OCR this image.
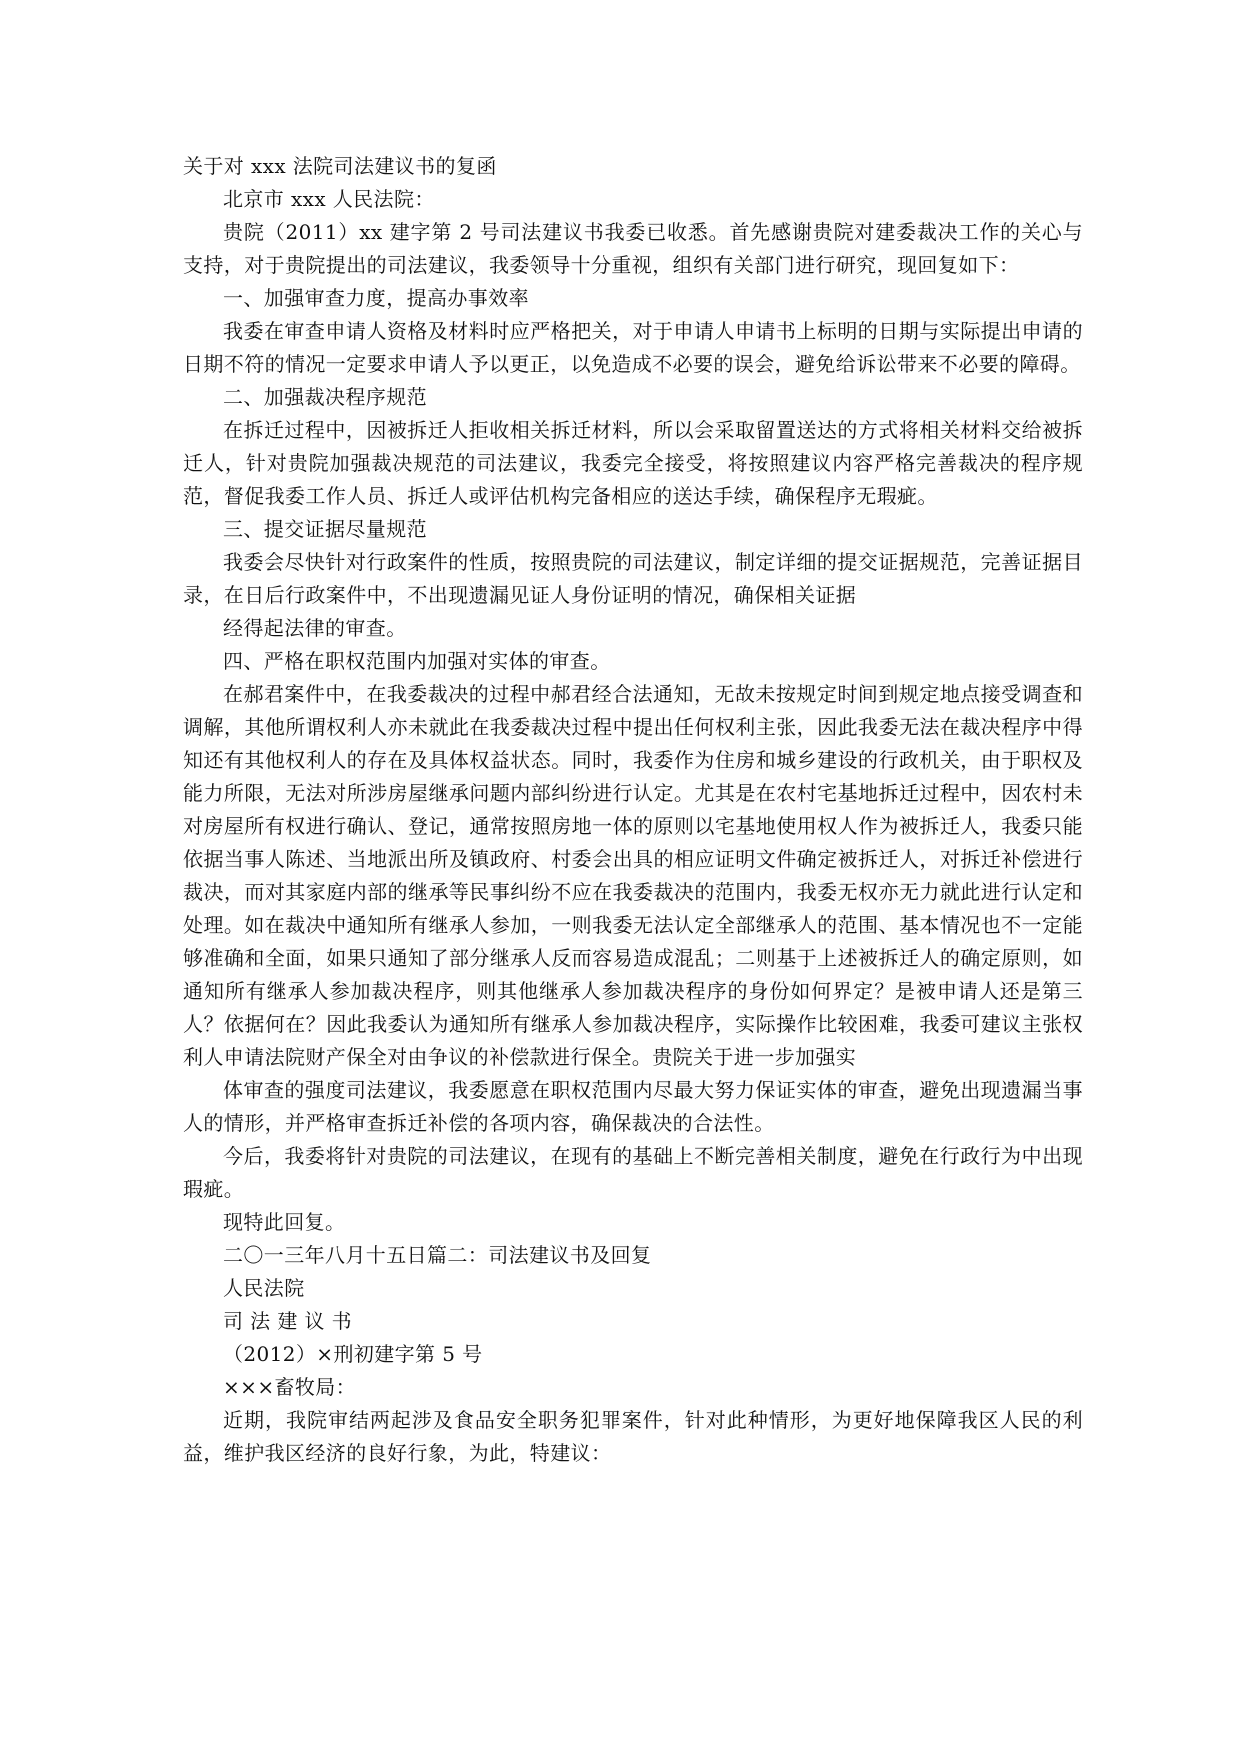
关于对 xxx 法院司法建议书的复函

北京市 xxx 人民法院：

贵院（2011）xx 建字第 2 号司法建议书我委已收悉。首先感谢贵院对建委裁决工作的关心与支持，对于贵院提出的司法建议，我委领导十分重视，组织有关部门进行研究，现回复如下：

一、加强审查力度，提高办事效率

我委在审查申请人资格及材料时应严格把关，对于申请人申请书上标明的日期与实际提出申请的日期不符的情况一定要求申请人予以更正，以免造成不必要的误会，避免给诉讼带来不必要的障碍。

二、加强裁决程序规范

在拆迁过程中，因被拆迁人拒收相关拆迁材料，所以会采取留置送达的方式将相关材料交给被拆迁人，针对贵院加强裁决规范的司法建议，我委完全接受，将按照建议内容严格完善裁决的程序规范，督促我委工作人员、拆迁人或评估机构完备相应的送达手续，确保程序无瑕疵。

三、提交证据尽量规范

我委会尽快针对行政案件的性质，按照贵院的司法建议，制定详细的提交证据规范，完善证据目录，在日后行政案件中，不出现遗漏见证人身份证明的情况，确保相关证据

经得起法律的审查。

四、严格在职权范围内加强对实体的审查。

在郝君案件中，在我委裁决的过程中郝君经合法通知，无故未按规定时间到规定地点接受调查和调解，其他所谓权利人亦未就此在我委裁决过程中提出任何权利主张，因此我委无法在裁决程序中得知还有其他权利人的存在及具体权益状态。同时，我委作为住房和城乡建设的行政机关，由于职权及能力所限，无法对所涉房屋继承问题内部纠纷进行认定。尤其是在农村宅基地拆迁过程中，因农村未对房屋所有权进行确认、登记，通常按照房地一体的原则以宅基地使用权人作为被拆迁人，我委只能依据当事人陈述、当地派出所及镇政府、村委会出具的相应证明文件确定被拆迁人，对拆迁补偿进行裁决，而对其家庭内部的继承等民事纠纷不应在我委裁决的范围内，我委无权亦无力就此进行认定和处理。如在裁决中通知所有继承人参加，一则我委无法认定全部继承人的范围、基本情况也不一定能够准确和全面，如果只通知了部分继承人反而容易造成混乱；二则基于上述被拆迁人的确定原则，如通知所有继承人参加裁决程序，则其他继承人参加裁决程序的身份如何界定？是被申请人还是第三人？依据何在？因此我委认为通知所有继承人参加裁决程序，实际操作比较困难，我委可建议主张权利人申请法院财产保全对由争议的补偿款进行保全。贵院关于进一步加强实

体审查的强度司法建议，我委愿意在职权范围内尽最大努力保证实体的审查，避免出现遗漏当事人的情形，并严格审查拆迁补偿的各项内容，确保裁决的合法性。

今后，我委将针对贵院的司法建议，在现有的基础上不断完善相关制度，避免在行政行为中出现瑕疵。

现特此回复。

二〇一三年八月十五日篇二：司法建议书及回复

人民法院

司 法 建 议 书

（2012）×刑初建字第 5 号

×××畜牧局：

近期，我院审结两起涉及食品安全职务犯罪案件，针对此种情形，为更好地保障我区人民的利益，维护我区经济的良好行象，为此，特建议：
